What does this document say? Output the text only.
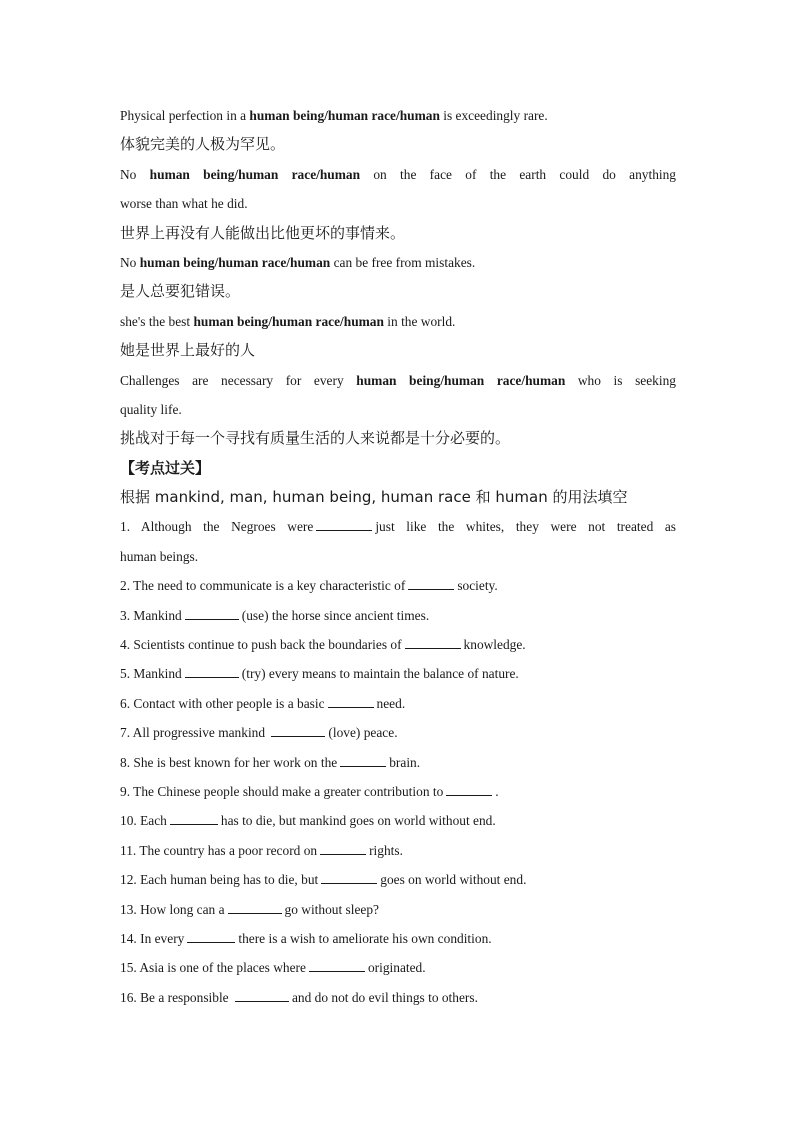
Physical perfection in a human being/human race/human is exceedingly rare.
体貌完美的人极为罕见。
No human being/human race/human on the face of the earth could do anything
worse than what he did.
世界上再没有人能做出比他更坏的事情来。
No human being/human race/human can be free from mistakes.
是人总要犯错误。
she's the best human being/human race/human in the world.
她是世界上最好的人
Challenges are necessary for every human being/human race/human who is seeking
quality life.
挑战对于每一个寻找有质量生活的人来说都是十分必要的。
【考点过关】
根据 mankind, man, human being, human race 和 human 的用法填空
1. Although the Negroes were	just like the whites, they were not treated as
human beings.
2. The need to communicate is a key characteristic of	society.
3. Mankind	(use) the horse since ancient times.
4. Scientists continue to push back the boundaries of	knowledge.
5. Mankind	(try) every means to maintain the balance of nature.
6. Contact with other people is a basic	need.
7. All progressive mankind	(love) peace.
8. She is best known for her work on the	brain.
9. The Chinese people should make a greater contribution to	.
10. Each	has to die, but mankind goes on world without end.
11. The country has a poor record on	rights.
12. Each human being has to die, but	goes on world without end.
13. How long can a	go without sleep?
14. In every	there is a wish to ameliorate his own condition.
15. Asia is one of the places where	originated.
16. Be a responsible	and do not do evil things to others.
